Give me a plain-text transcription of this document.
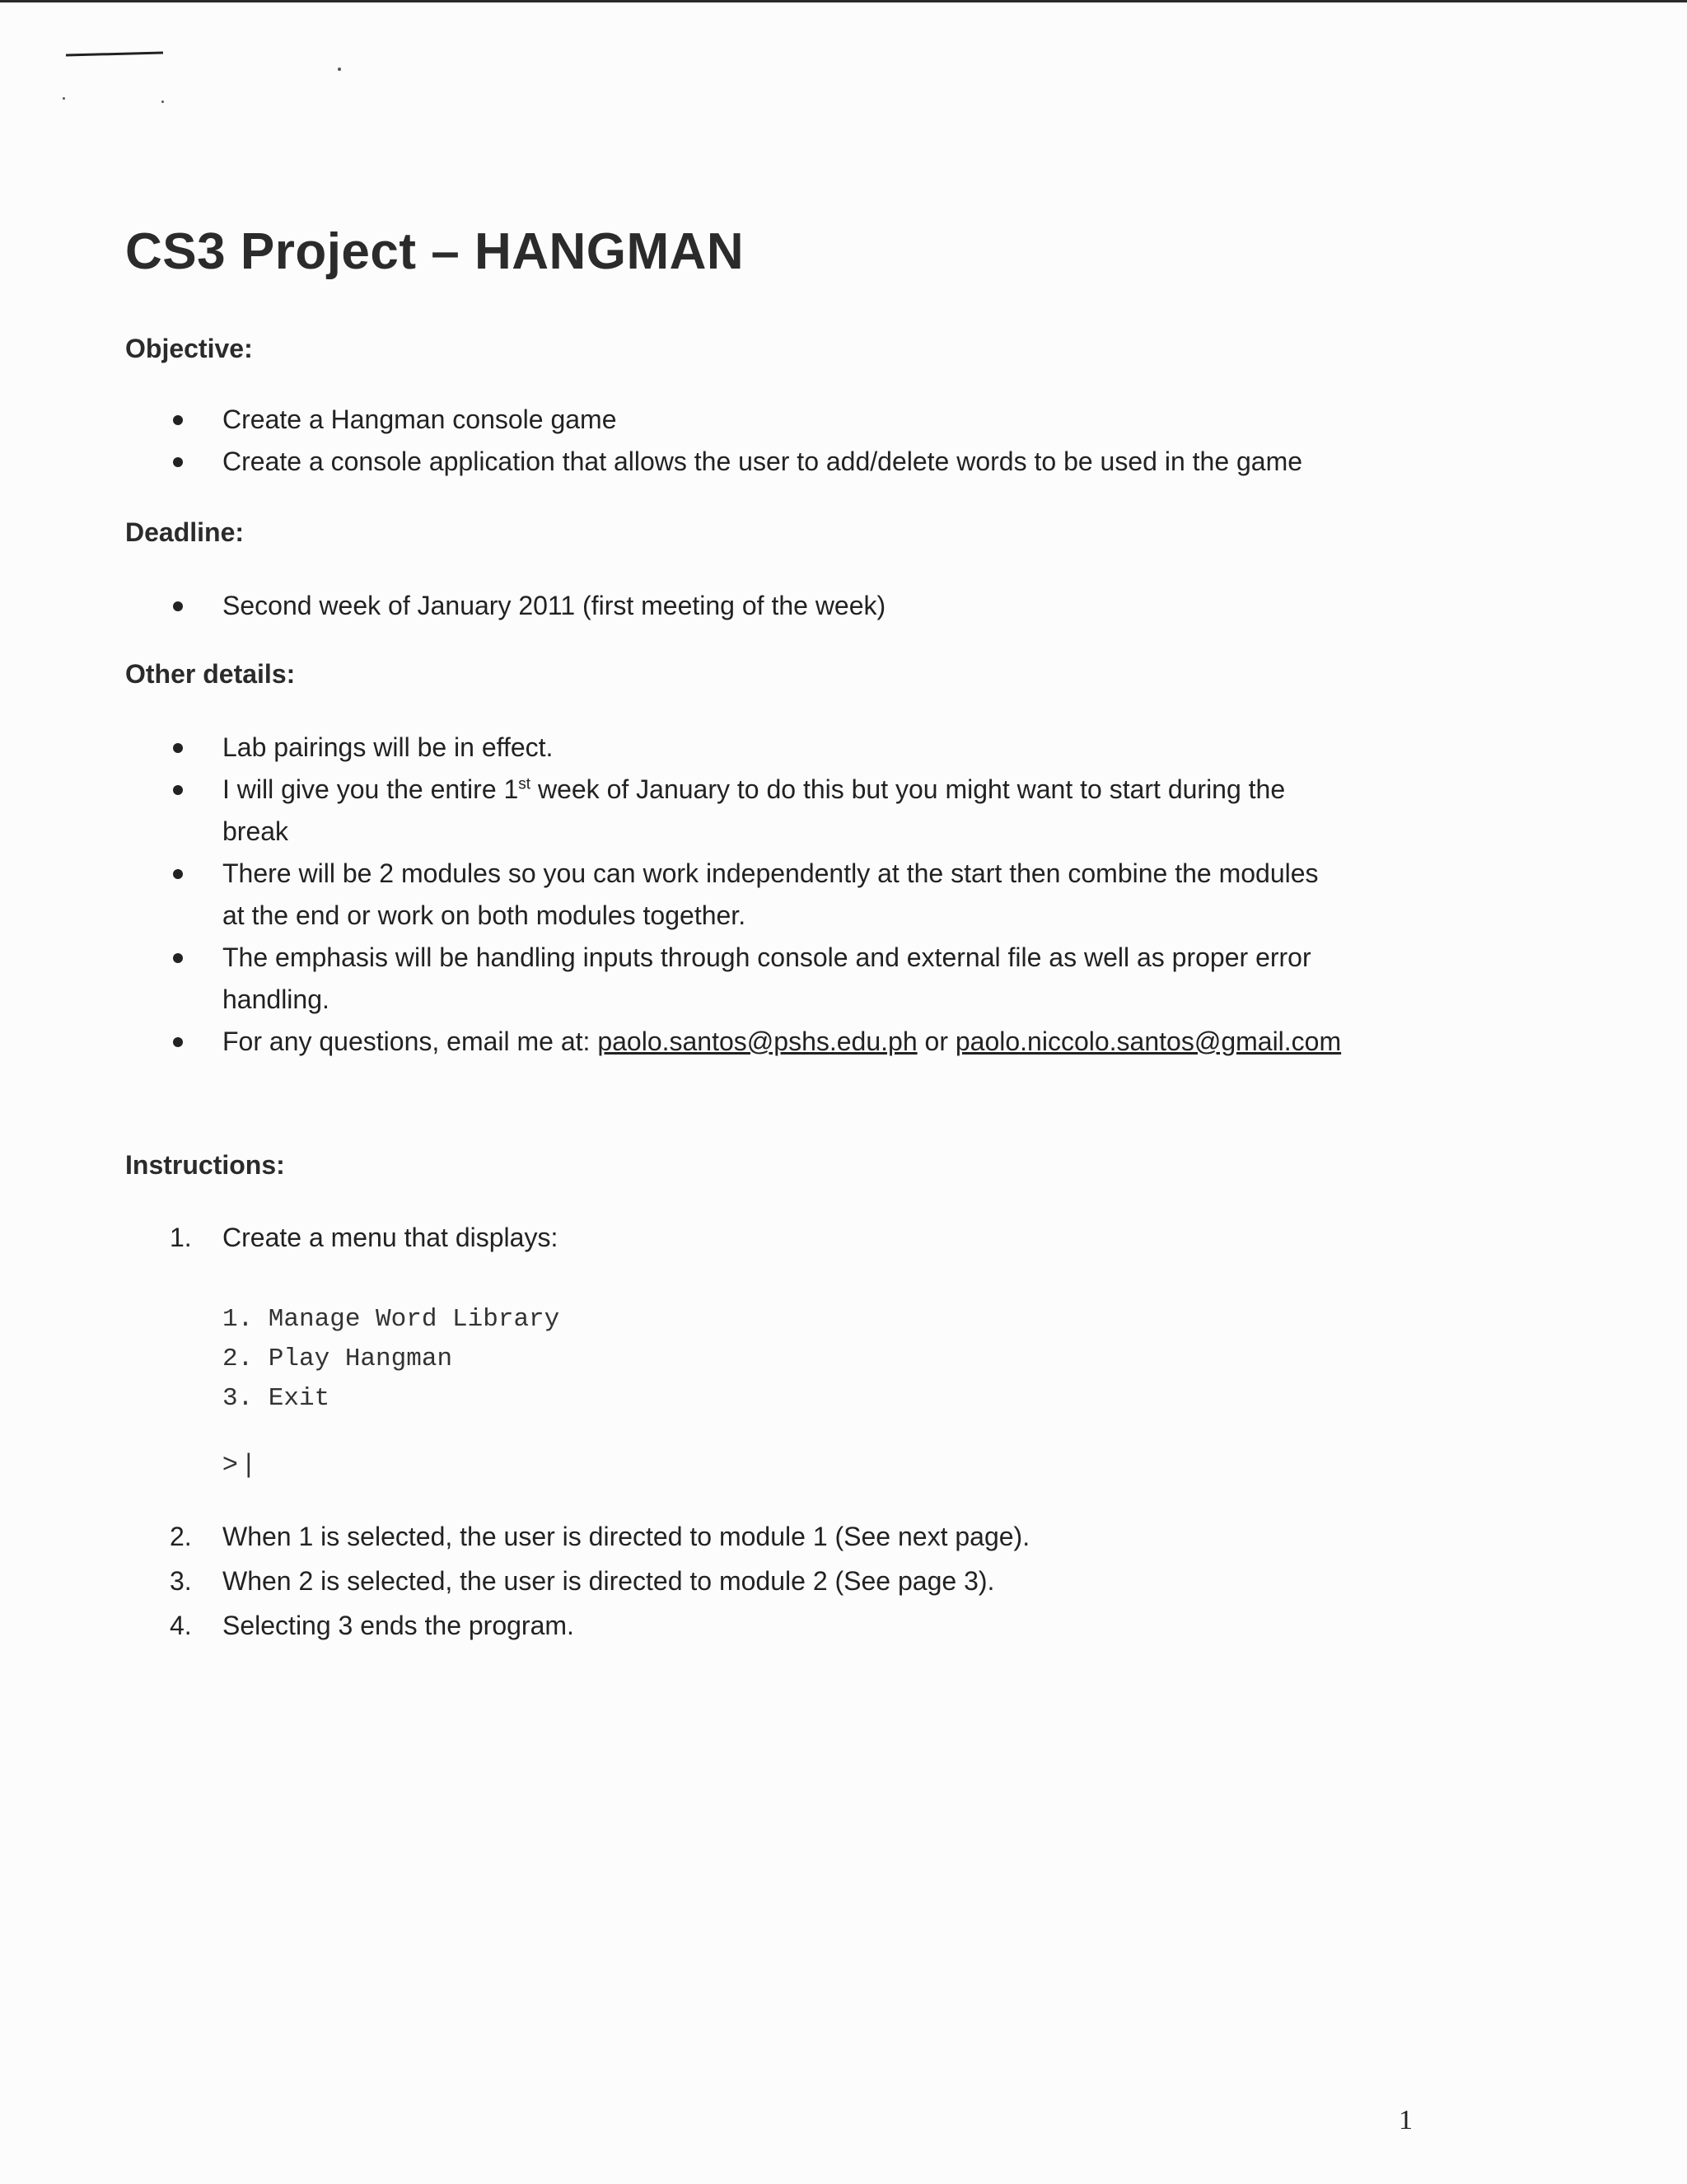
CS3 Project – HANGMAN
Objective:
Create a Hangman console game
Create a console application that allows the user to add/delete words to be used in the game
Deadline:
Second week of January 2011 (first meeting of the week)
Other details:
Lab pairings will be in effect.
I will give you the entire 1st week of January to do this but you might want to start during the
break
There will be 2 modules so you can work independently at the start then combine the modules
at the end or work on both modules together.
The emphasis will be handling inputs through console and external file as well as proper error
handling.
For any questions, email me at: paolo.santos@pshs.edu.ph or paolo.niccolo.santos@gmail.com
Instructions:
1. Create a menu that displays:
1. Manage Word Library
2. Play Hangman
3. Exit
> |
2. When 1 is selected, the user is directed to module 1 (See next page).
3. When 2 is selected, the user is directed to module 2 (See page 3).
4. Selecting 3 ends the program.
1
